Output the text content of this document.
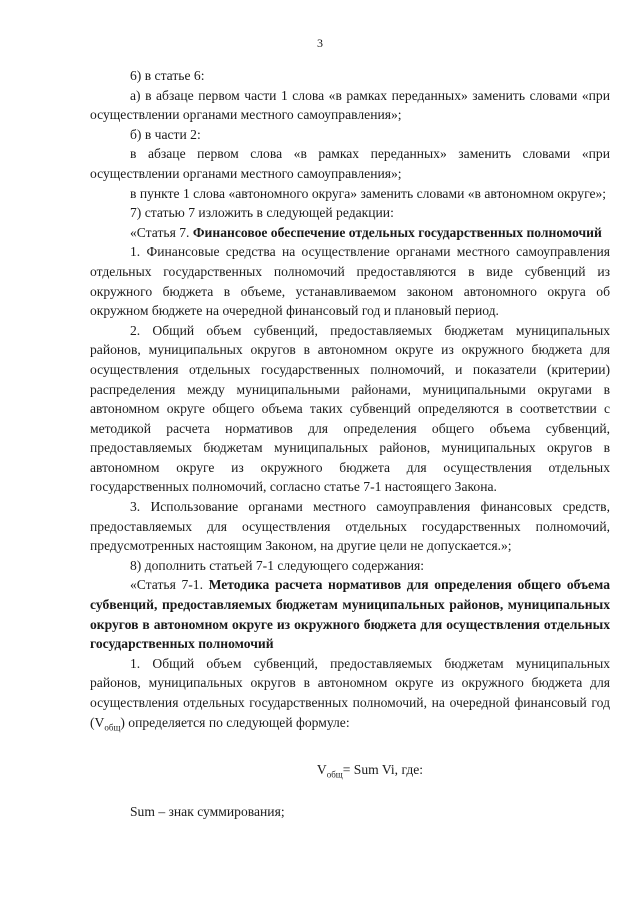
3

6) в статье 6:

а) в абзаце первом части 1 слова «в рамках переданных» заменить словами «при осуществлении органами местного самоуправления»;

б) в части 2:

в абзаце первом слова «в рамках переданных» заменить словами «при осуществлении органами местного самоуправления»;

в пункте 1 слова «автономного округа» заменить словами «в автономном округе»;

7) статью 7 изложить в следующей редакции:

«Статья 7. Финансовое обеспечение отдельных государственных полномочий

1. Финансовые средства на осуществление органами местного самоуправления отдельных государственных полномочий предоставляются в виде субвенций из окружного бюджета в объеме, устанавливаемом законом автономного округа об окружном бюджете на очередной финансовый год и плановый период.

2. Общий объем субвенций, предоставляемых бюджетам муниципальных районов, муниципальных округов в автономном округе из окружного бюджета для осуществления отдельных государственных полномочий, и показатели (критерии) распределения между муниципальными районами, муниципальными округами в автономном округе общего объема таких субвенций определяются в соответствии с методикой расчета нормативов для определения общего объема субвенций, предоставляемых бюджетам муниципальных районов, муниципальных округов в автономном округе из окружного бюджета для осуществления отдельных государственных полномочий, согласно статье 7-1 настоящего Закона.

3. Использование органами местного самоуправления финансовых средств, предоставляемых для осуществления отдельных государственных полномочий, предусмотренных настоящим Законом, на другие цели не допускается.»;

8) дополнить статьей 7-1 следующего содержания:

«Статья 7-1. Методика расчета нормативов для определения общего объема субвенций, предоставляемых бюджетам муниципальных районов, муниципальных округов в автономном округе из окружного бюджета для осуществления отдельных государственных полномочий

1. Общий объем субвенций, предоставляемых бюджетам муниципальных районов, муниципальных округов в автономном округе из окружного бюджета для осуществления отдельных государственных полномочий, на очередной финансовый год $(V_{общ})$ определяется по следующей формуле:

$V_{общ}=$ Sum Vi, где:

Sum – знак суммирования;
